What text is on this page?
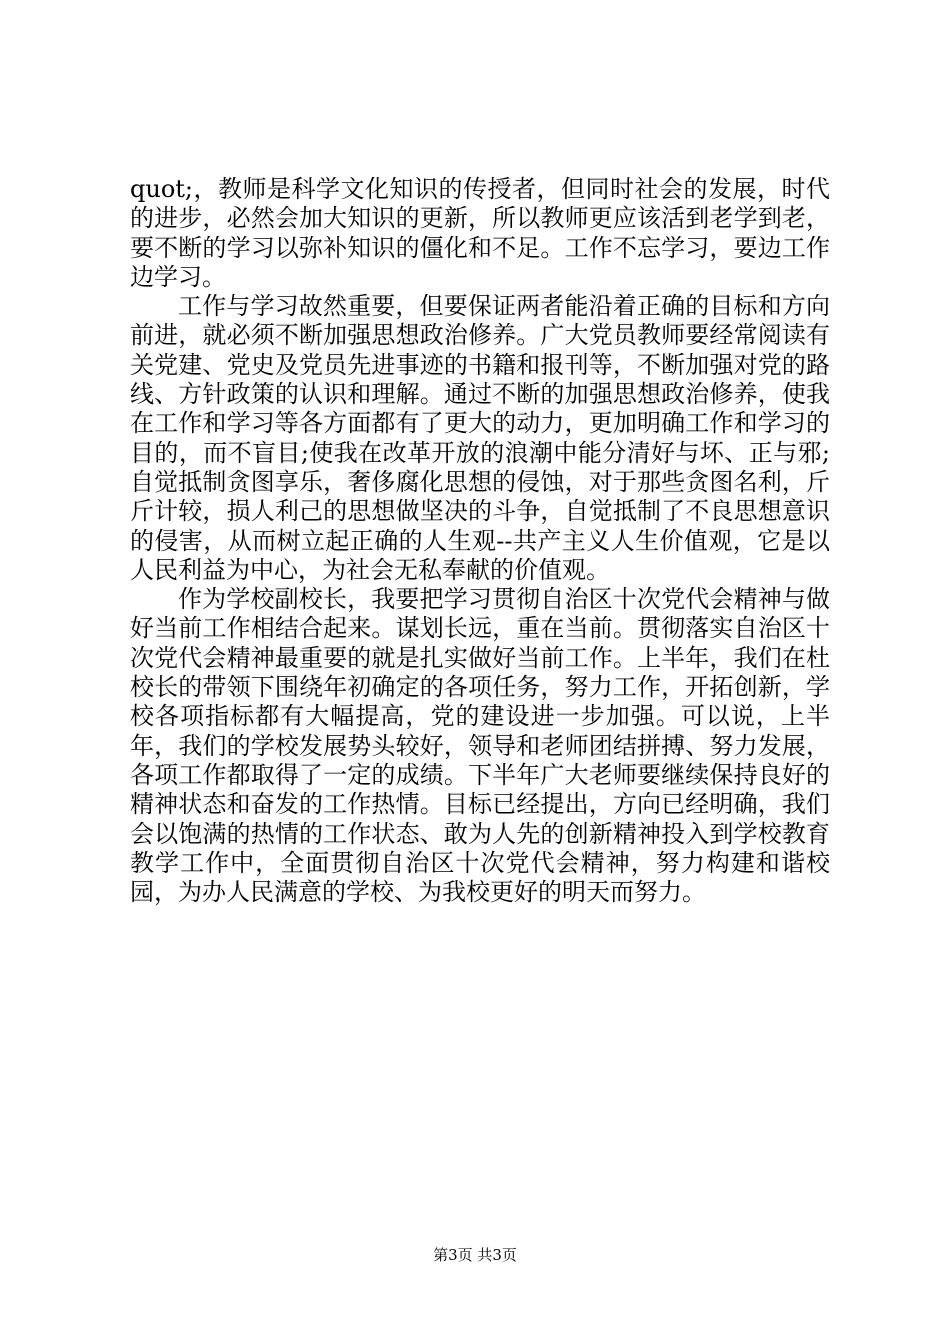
quot;，教师是科学文化知识的传授者，但同时社会的发展，时代的进步，必然会加大知识的更新，所以教师更应该活到老学到老，要不断的学习以弥补知识的僵化和不足。工作不忘学习，要边工作边学习。

工作与学习故然重要，但要保证两者能沿着正确的目标和方向前进，就必须不断加强思想政治修养。广大党员教师要经常阅读有关党建、党史及党员先进事迹的书籍和报刊等，不断加强对党的路线、方针政策的认识和理解。通过不断的加强思想政治修养，使我在工作和学习等各方面都有了更大的动力，更加明确工作和学习的目的，而不盲目;使我在改革开放的浪潮中能分清好与坏、正与邪;自觉抵制贪图享乐，奢侈腐化思想的侵蚀，对于那些贪图名利，斤斤计较，损人利己的思想做坚决的斗争，自觉抵制了不良思想意识的侵害，从而树立起正确的人生观--共产主义人生价值观，它是以人民利益为中心，为社会无私奉献的价值观。

作为学校副校长，我要把学习贯彻自治区十次党代会精神与做好当前工作相结合起来。谋划长远，重在当前。贯彻落实自治区十次党代会精神最重要的就是扎实做好当前工作。上半年，我们在杜校长的带领下围绕年初确定的各项任务，努力工作，开拓创新，学校各项指标都有大幅提高，党的建设进一步加强。可以说，上半年，我们的学校发展势头较好，领导和老师团结拼搏、努力发展，各项工作都取得了一定的成绩。下半年广大老师要继续保持良好的精神状态和奋发的工作热情。目标已经提出，方向已经明确，我们会以饱满的热情的工作状态、敢为人先的创新精神投入到学校教育教学工作中，全面贯彻自治区十次党代会精神，努力构建和谐校园，为办人民满意的学校、为我校更好的明天而努力。

第3页 共3页
